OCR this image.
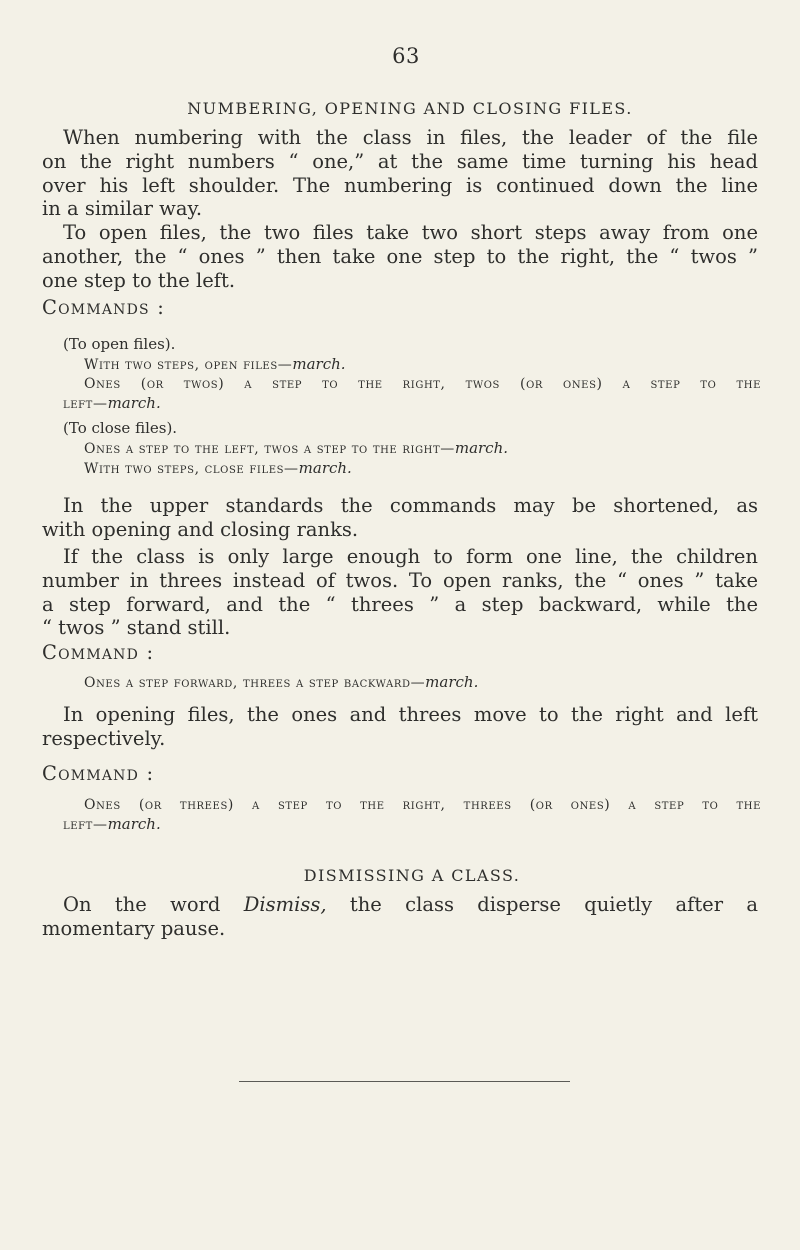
63
NUMBERING, OPENING AND CLOSING FILES.

When numbering with the class in files, the leader of the file
on the right numbers “ one,” at the same time turning his head
over his left shoulder. The numbering is continued down the line
in a similar way.

To open files, the two files take two short steps away from one
another, the “ ones ” then take one step to the right, the “ twos ”
one step to the left.

Commands :
(To open files).
With two steps, open files—march.
Ones (or twos) a step to the right, twos (or ones) a step to the
left—march.
(To close files).
Ones a step to the left, twos a step to the right—march.
With two steps, close files—march.

In the upper standards the commands may be shortened, as
with opening and closing ranks.

If the class is only large enough to form one line, the children
number in threes instead of twos. To open ranks, the “ ones ” take
a step forward, and the “ threes ” a step backward, while the
“ twos ” stand still.

Command :
Ones a step forward, threes a step backward—march.

In opening files, the ones and threes move to the right and left
respectively.

Command :
Ones (or threes) a step to the right, threes (or ones) a step to the
left—march.
DISMISSING A CLASS.

On the word Dismiss, the class disperse quietly after a
momentary pause.
